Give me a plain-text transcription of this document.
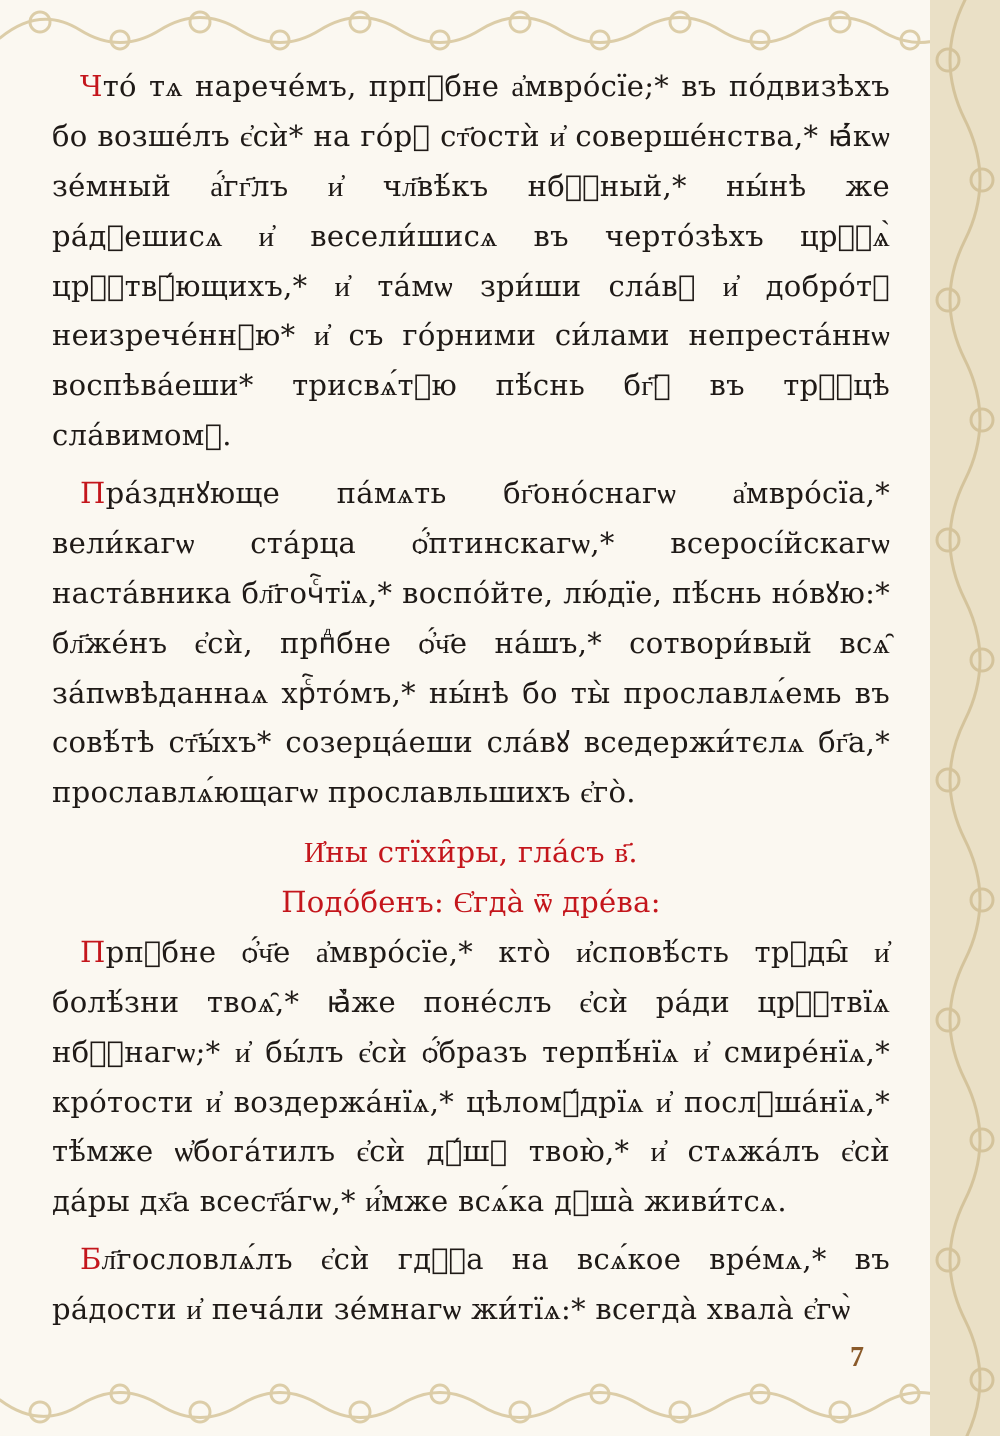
Что́ тѧ нарече́мъ, прпⷣбне а҆мвро́сїе;* въ по́двизѣхъ бо возше́лъ є҆сѝ* на го́рꙋ ст҃остѝ и҆ соверше́нства,* ꙗ҆́кѡ зе́мный а҆́гг҃лъ и҆ чл҃вѣ́къ нбⷭ҇ный,* ны́нѣ же ра́дꙋешисѧ и҆ весели́шисѧ въ черто́зѣхъ црⷭ҇ѧ̀ црⷭ҇твꙋ́ющихъ,* и҆ та́мѡ зри́ши сла́вꙋ и҆ добро́тꙋ неизрече́ннꙋю* и҆ съ го́рними си́лами непреста́ннѡ воспѣва́еши* трисвѧ́тꙋю пѣ́снь бг҃ꙋ въ трⷪ҇цѣ сла́вимомꙋ.

Пра́зднꙋюще па́мѧть бг҃оно́снагѡ а҆мвро́сїа,* вели́кагѡ ста́рца ѻ҆́птинскагѡ,* всеросі́йскагѡ наста́вника бл҃гочⷭ҇тїѧ,* воспо́йте, лю́дїе, пѣ́снь но́вꙋю:* бл҃же́нъ є҆сѝ, прпⷣбне ѻ҆́ч҃е на́шъ,* сотвори́вый всѧ̑ за́пѡвѣданнаѧ хрⷭ҇то́мъ,* ны́нѣ бо ты̀ прославлѧ́емь въ совѣ́тѣ ст҃ы́хъ* созерца́еши сла́вꙋ вседержи́тєлѧ бг҃а,* прославлѧ́ющагѡ прославльшихъ є҆го̀.

И҆ны стїхи̑ры, гла́съ в҃.

Подо́бенъ: Є҆гда̀ ѿ дре́ва:

Прпⷣбне ѻ҆́ч҃е а҆мвро́сїе,* кто̀ и҆сповѣ́сть трꙋды̑ и҆ болѣ́зни твоѧ̑,* ꙗ҆̀же поне́слъ є҆сѝ ра́ди црⷭ҇твїѧ нбⷭ҇нагѡ;* и҆ бы́лъ є҆сѝ ѻ҆́бразъ терпѣ́нїѧ и҆ смире́нїѧ,* кро́тости и҆ воздержа́нїѧ,* цѣломꙋ́дрїѧ и҆ послꙋша́нїѧ,* тѣ́мже ѡ҆бога́тилъ є҆сѝ дꙋ́шꙋ твою̀,* и҆ стѧжа́лъ є҆сѝ да́ры дх҃а всест҃а́гѡ,* и҆́мже всѧ́ка дꙋша̀ живи́тсѧ.

Бл҃гословлѧ́лъ є҆сѝ гдⷭ҇а на всѧ́кое вре́мѧ,* въ ра́дости и҆ печа́ли зе́мнагѡ жи́тїѧ:* всегда̀ хвала̀ є҆гѡ̀

7
